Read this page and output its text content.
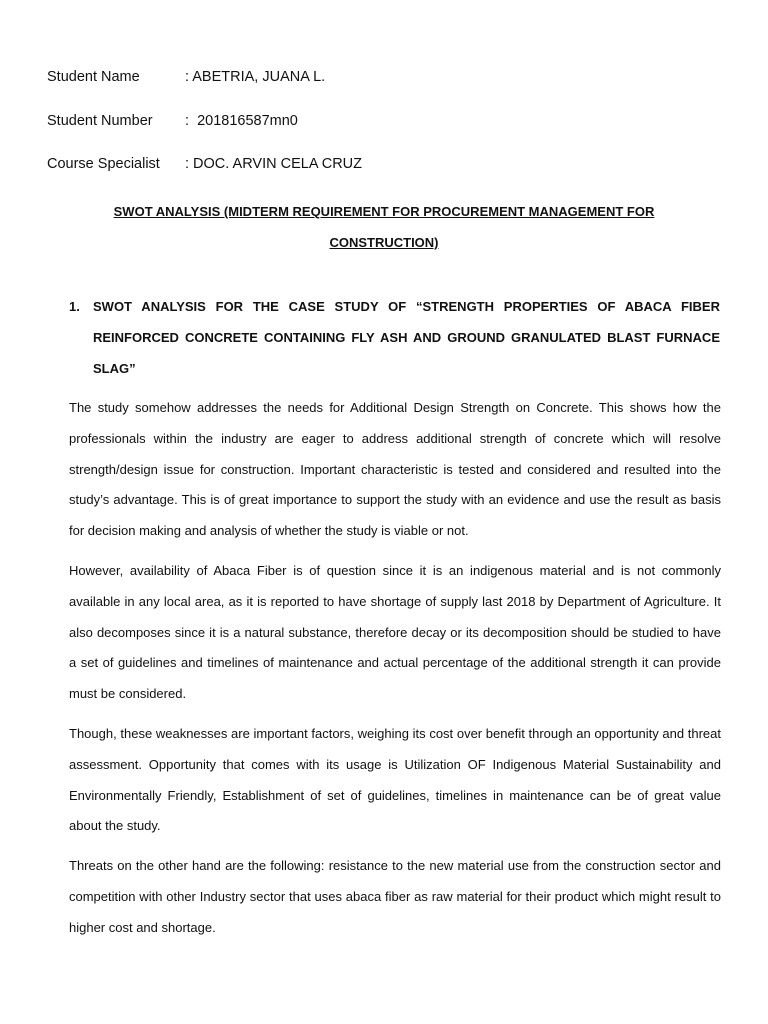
Student Name	: ABETRIA, JUANA L.
Student Number :  201816587mn0
Course Specialist : DOC. ARVIN CELA CRUZ
SWOT ANALYSIS (MIDTERM REQUIREMENT FOR PROCUREMENT MANAGEMENT FOR CONSTRUCTION)
1. SWOT ANALYSIS FOR THE CASE STUDY OF “STRENGTH PROPERTIES OF ABACA FIBER REINFORCED CONCRETE CONTAINING FLY ASH AND GROUND GRANULATED BLAST FURNACE SLAG”

The study somehow addresses the needs for Additional Design Strength on Concrete. This shows how the professionals within the industry are eager to address additional strength of concrete which will resolve strength/design issue for construction. Important characteristic is tested and considered and resulted into the study’s advantage. This is of great importance to support the study with an evidence and use the result as basis for decision making and analysis of whether the study is viable or not.

However, availability of Abaca Fiber is of question since it is an indigenous material and is not commonly available in any local area, as it is reported to have shortage of supply last 2018 by Department of Agriculture. It also decomposes since it is a natural substance, therefore decay or its decomposition should be studied to have a set of guidelines and timelines of maintenance and actual percentage of the additional strength it can provide must be considered.

Though, these weaknesses are important factors, weighing its cost over benefit through an opportunity and threat assessment. Opportunity that comes with its usage is Utilization OF Indigenous Material Sustainability and Environmentally Friendly, Establishment of set of guidelines, timelines in maintenance can be of great value about the study.

Threats on the other hand are the following: resistance to the new material use from the construction sector and competition with other Industry sector that uses abaca fiber as raw material for their product which might result to higher cost and shortage.
